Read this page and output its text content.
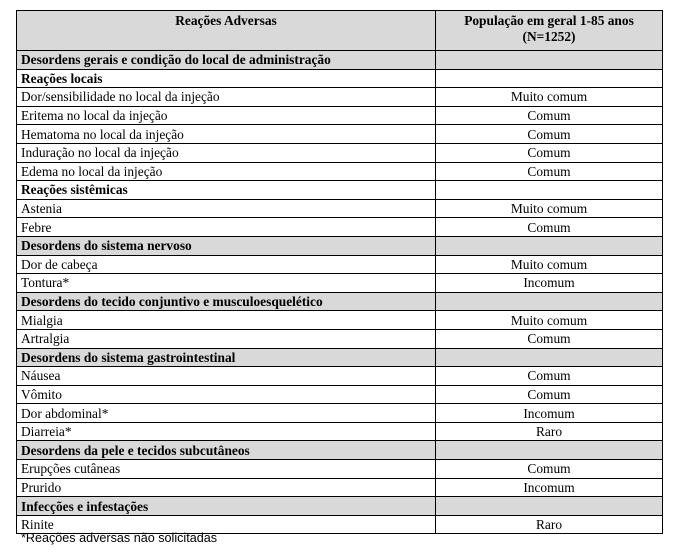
Reações Adversas	População em geral 1-85 anos
(N=1252)
Desordens gerais e condição do local de administração	
Reações locais	
Dor/sensibilidade no local da injeção	Muito comum
Eritema no local da injeção	Comum
Hematoma no local da injeção	Comum
Induração no local da injeção	Comum
Edema no local da injeção	Comum
Reações sistêmicas	
Astenia	Muito comum
Febre	Comum
Desordens do sistema nervoso	
Dor de cabeça	Muito comum
Tontura*	Incomum
Desordens do tecido conjuntivo e musculoesquelético	
Mialgia	Muito comum
Artralgia	Comum
Desordens do sistema gastrointestinal	
Náusea	Comum
Vômito	Comum
Dor abdominal*	Incomum
Diarreia*	Raro
Desordens da pele e tecidos subcutâneos	
Erupções cutâneas	Comum
Prurido	Incomum
Infecções e infestações	
Rinite	Raro
*Reações adversas não solicitadas
